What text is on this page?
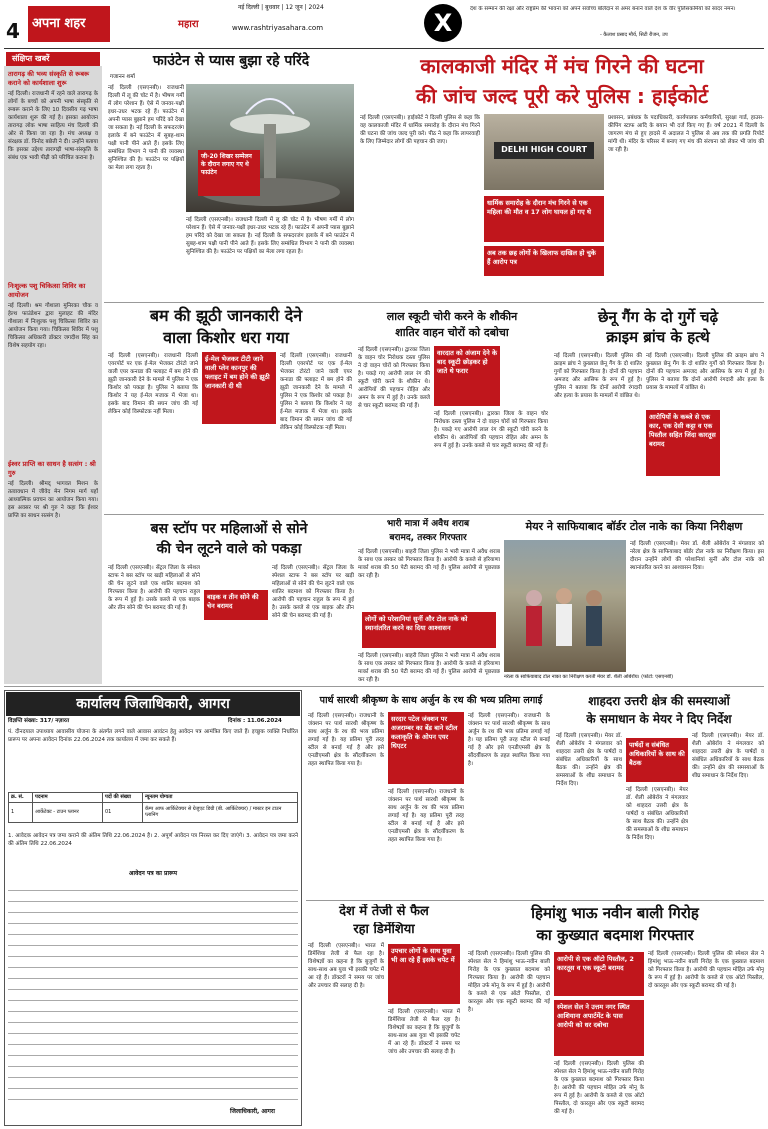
4 अपना शहर
नई दिल्ली | बुधवार | 12 जून | 2024
महारा	www.rashtriyasahara.com	X	देश के सम्मान की रक्षा और राष्ट्रप्रेम की भावना को अपने सर्वोच्च बलिदान से अमर बनाने वाले देश के वीर पुलिसकर्मियों को सादर नमन।
- कैलाश प्रसाद मौर्य, सिटी रीजन, उप
संक्षिप्त खबरें
तारागढ़ की भव्य संस्कृति से रूबरू कराने को कार्यशाला शुरू
नई दिल्ली। राजधानी में रहने वाले तारागढ़ के लोगों के बच्चों को अपनी भाषा संस्कृति से रूबरू कराने के लिए 10 दिवसीय गढ़ भाषा कार्यशाला शुरू की गई है। इसका आयोजन तारागढ़ लोक भाषा साहित्य मंच दिल्ली की ओर से किया जा रहा है। मंच अध्यक्ष व संरक्षक डॉ. विनोद बछेती ने दी। उन्होंने बताया कि इसका उद्देश्य तारागढ़ी भाषा-संस्कृति के संबंध एक भावी पीढ़ी को परिचित कराना है।
निःशुल्क पशु चिकित्सा शिविर का आयोजन
नई दिल्ली। श्रम गौशाला मुनिरका चौक व हेल्थ फाउंडेशन द्वारा मुलाहट की मंदिर गौशाला में निःशुल्क पशु चिकित्सा शिविर का आयोजन किया गया। चिकित्सा शिविर में पशु चिकित्सा अधिकारी डॉक्टर जगदीश सिंह का विशेष सहयोग रहा।
ईश्वर प्राप्ति का साधन है सत्संग : श्री गुरु
नई दिल्ली। श्रीमद् भागवत मिशन के तत्वावधान में जीवेद मेन निगम मार्ग यहाँ आध्यात्मिक प्रवचन का आयोजन किया गया। इस अवसर पर श्री गुरु ने कहा कि ईश्वर प्राप्ति का साधन सत्संग है।
फाउंटेन से प्यास बुझा रहे परिंदे
गजानन शर्मा
जी-20 शिखर सम्मेलन के दौरान लगाए गए थे फाउंटेन
नई दिल्ली (एसएनबी)। राजधानी दिल्ली में लू की चोट में है। भीषण गर्मी में लोग परेशान हैं। ऐसे में जनवर-पक्षी इधर-उधर भटक रहे हैं। फाउंटेन में अपनी प्यास बुझाने हम परिंदे को देखा जा सकता है। नई दिल्ली के सफदरजंग इलाके में बने फाउंटेन में सुबह-शाम पक्षी पानी पीने आते हैं। इसके लिए सम्बंधित विभाग ने पानी की व्यवस्था सुनिश्चित की है। फाउंटेन पर पक्षियों का मेला लगा रहता है।
नई दिल्ली (एसएनबी)। राजधानी दिल्ली में लू की चोट में है। भीषण गर्मी में लोग परेशान हैं। ऐसे में जनवर-पक्षी इधर-उधर भटक रहे हैं। फाउंटेन में अपनी प्यास बुझाने हम परिंदे को देखा जा सकता है। नई दिल्ली के सफदरजंग इलाके में बने फाउंटेन में सुबह-शाम पक्षी पानी पीने आते हैं। इसके लिए सम्बंधित विभाग ने पानी की व्यवस्था सुनिश्चित की है। फाउंटेन पर पक्षियों का मेला लगा रहता है।
कालकाजी मंदिर में मंच गिरने की घटना
की जांच जल्द पूरी करे पुलिस : हाईकोर्ट
नई दिल्ली (एसएनबी)। हाईकोर्ट ने दिल्ली पुलिस से कहा कि वह कालकाजी मंदिर में धार्मिक समारोह के दौरान मंच गिरने की घटना की जांच जल्द पूरी करे। पीठ ने कहा कि लापरवाही के लिए जिम्मेदार लोगों की पहचान की जाए।
DELHI HIGH COURT
धार्मिक समारोह के दौरान मंच गिरने से एक महिला की मौत व 17 लोग घायल हो गए थे
अब तक छह लोगों के खिलाफ दाखिल हो चुके हैं आरोप पत्र
प्रशासन, प्रबंधक के पदाधिकारी, कार्यपालक कर्मचारियों, सुरक्षा गार्ड, हाउस-कीपिंग स्टाफ आदि के बयान भी दर्ज किए गए हैं। वर्ष 2021 में दिल्ली के जागरण मंच से हुए हादसे में अदालत ने पुलिस से अब तक की प्रगति रिपोर्ट मांगी थी। मंदिर के परिसर में बनाए गए मंच की संरचना को लेकर भी जांच की जा रही है।
बम की झूठी जानकारी देने
वाला किशोर धरा गया
नई दिल्ली (एसएनबी)। राजधानी दिल्ली एयरपोर्ट पर एक ई-मेल भेजकर टोरंटो जाने वाली एयर कनाडा की फ्लाइट में बम होने की झूठी जानकारी देने के मामले में पुलिस ने एक किशोर को पकड़ा है। पुलिस ने बताया कि किशोर ने यह ई-मेल मजाक में भेजा था। इसके बाद विमान की सघन जांच की गई लेकिन कोई विस्फोटक नहीं मिला।
ई-मेल भेजकर टीटी जाने वाली प्लेन कानपुर की फ्लाइट में बम होने की झूठी जानकारी दी थी
नई दिल्ली (एसएनबी)। राजधानी दिल्ली एयरपोर्ट पर एक ई-मेल भेजकर टोरंटो जाने वाली एयर कनाडा की फ्लाइट में बम होने की झूठी जानकारी देने के मामले में पुलिस ने एक किशोर को पकड़ा है। पुलिस ने बताया कि किशोर ने यह ई-मेल मजाक में भेजा था। इसके बाद विमान की सघन जांच की गई लेकिन कोई विस्फोटक नहीं मिला।
लाल स्कूटी चोरी करने के शौकीन
शातिर वाहन चोरों को दबोचा
नई दिल्ली (एसएनबी)। द्वारका जिला के वाहन चोर निरोधक दस्ता पुलिस ने दो वाहन चोरों को गिरफ्तार किया है। पकड़े गए आरोपी लाल रंग की स्कूटी चोरी करने के शौकीन थे। आरोपियों की पहचान रोहित और अमन के रूप में हुई है। उनके कब्जे से चार स्कूटी बरामद की गई हैं।
वारदात को अंजाम देने के बाद स्कूटी छोड़कर हो जाते थे फरार
नई दिल्ली (एसएनबी)। द्वारका जिला के वाहन चोर निरोधक दस्ता पुलिस ने दो वाहन चोरों को गिरफ्तार किया है। पकड़े गए आरोपी लाल रंग की स्कूटी चोरी करने के शौकीन थे। आरोपियों की पहचान रोहित और अमन के रूप में हुई है। उनके कब्जे से चार स्कूटी बरामद की गई हैं।
छेनू गैंग के दो गुर्गे चढ़े
क्राइम ब्रांच के हत्थे
नई दिल्ली (एसएनबी)। दिल्ली पुलिस की क्राइम ब्रांच ने कुख्यात छेनू गैंग के दो शातिर गुर्गों को गिरफ्तार किया है। दोनों की पहचान अमजद और आसिफ के रूप में हुई है। पुलिस ने बताया कि दोनों आरोपी रंगदारी और हत्या के प्रयास के मामलों में वांछित थे।
नई दिल्ली (एसएनबी)। दिल्ली पुलिस की क्राइम ब्रांच ने कुख्यात छेनू गैंग के दो शातिर गुर्गों को गिरफ्तार किया है। दोनों की पहचान अमजद और आसिफ के रूप में हुई है। पुलिस ने बताया कि दोनों आरोपी रंगदारी और हत्या के प्रयास के मामलों में वांछित थे।
आरोपियों के कब्जे से एक कार, एक देसी कट्टा व एक पिस्तौल सहित जिंदा कारतूस बरामद
बस स्टॉप पर महिलाओं से सोने
की चेन लूटने वाले को पकड़ा
नई दिल्ली (एसएनबी)। सेंट्रल जिला के स्पेशल स्टाफ ने बस स्टॉप पर खड़ी महिलाओं से सोने की चेन लूटने वाले एक शातिर बदमाश को गिरफ्तार किया है। आरोपी की पहचान राहुल के रूप में हुई है। उसके कब्जे से एक बाइक और तीन सोने की चेन बरामद की गई हैं।
बाइक व तीन सोने की चेन बरामद
नई दिल्ली (एसएनबी)। सेंट्रल जिला के स्पेशल स्टाफ ने बस स्टॉप पर खड़ी महिलाओं से सोने की चेन लूटने वाले एक शातिर बदमाश को गिरफ्तार किया है। आरोपी की पहचान राहुल के रूप में हुई है। उसके कब्जे से एक बाइक और तीन सोने की चेन बरामद की गई हैं।
भारी मात्रा में अवैध शराब
बरामद, तस्कर गिरफ्तार
नई दिल्ली (एसएनबी)। बाहरी जिला पुलिस ने भारी मात्रा में अवैध शराब के साथ एक तस्कर को गिरफ्तार किया है। आरोपी के कब्जे से हरियाणा मार्का शराब की 50 पेटी बरामद की गई हैं। पुलिस आरोपी से पूछताछ कर रही है।
लोगों को परेशानियां सुनीं और टोल नाके को स्थानांतरित करने का दिया आश्वासन
नई दिल्ली (एसएनबी)। बाहरी जिला पुलिस ने भारी मात्रा में अवैध शराब के साथ एक तस्कर को गिरफ्तार किया है। आरोपी के कब्जे से हरियाणा मार्का शराब की 50 पेटी बरामद की गई हैं। पुलिस आरोपी से पूछताछ कर रही है।
मेयर ने साफियाबाद बॉर्डर टोल नाके का किया निरीक्षण
नई दिल्ली (एसएनबी)। मेयर डॉ. शैली ओबेरॉय ने मंगलवार को नरेला क्षेत्र के साफियाबाद बॉर्डर टोल नाके का निरीक्षण किया। इस दौरान उन्होंने लोगों की परेशानियां सुनीं और टोल नाके को स्थानांतरित करने का आश्वासन दिया।
नरेला के साफियाबाद टोल नाका का निरीक्षण करती मेयर डॉ. शैली ओबेरॉय। (फोटो: एसएनबी)
कार्यालय जिलाधिकारी, आगरा
विज्ञप्ति संख्या: 317/ नज़ारत	दिनांक : 11.06.2024
पं. दीनदयाल उपाध्याय आवासीय योजना के अंतर्गत लगने वाले आवास आवंटन हेतु आवेदन पत्र आमंत्रित किए जाते हैं। इच्छुक व्यक्ति निर्धारित प्रारूप पर अपना आवेदन दिनांक 22.06.2024 तक कार्यालय में जमा कर सकते हैं।
क्र. सं.	पदनाम	पदों की संख्या	न्यूनतम योग्यता
1	आर्केटेक्ट - टाउन प्लानर	01	कॅम्प आफ आर्किटेक्चर से ग्रेजुएट डिग्री (बी. आर्किटेक्चर) / मास्टर इन टाउन प्लानिंग
1. आवेदक आवेदन पत्र जमा कराने की अंतिम तिथि 22.06.2024 है। 2. अपूर्ण आवेदन पत्र निरस्त कर दिए जाएंगे। 3. आवेदन पत्र जमा करने की अंतिम तिथि 22.06.2024
आवेदन पत्र का प्रारूप
जिलाधिकारी, आगरा
पार्थ सारथी श्रीकृष्ण के साथ अर्जुन के रथ की भव्य प्रतिमा लगाई
नई दिल्ली (एसएनबी)। राजधानी के जंक्शन पर पार्थ सारथी श्रीकृष्ण के साथ अर्जुन के रथ की भव्य प्रतिमा लगाई गई है। यह प्रतिमा पूरी तरह स्टील से बनाई गई है और इसे एनडीएमसी क्षेत्र के सौंदर्यीकरण के तहत स्थापित किया गया है।
सरदार पटेल जंक्शन पर अजराम्बर का बेंड बाने स्टील कलाकृति के ओपन एयर थिएटर
नई दिल्ली (एसएनबी)। राजधानी के जंक्शन पर पार्थ सारथी श्रीकृष्ण के साथ अर्जुन के रथ की भव्य प्रतिमा लगाई गई है। यह प्रतिमा पूरी तरह स्टील से बनाई गई है और इसे एनडीएमसी क्षेत्र के सौंदर्यीकरण के तहत स्थापित किया गया है।
नई दिल्ली (एसएनबी)। राजधानी के जंक्शन पर पार्थ सारथी श्रीकृष्ण के साथ अर्जुन के रथ की भव्य प्रतिमा लगाई गई है। यह प्रतिमा पूरी तरह स्टील से बनाई गई है और इसे एनडीएमसी क्षेत्र के सौंदर्यीकरण के तहत स्थापित किया गया है।
शाहदरा उत्तरी क्षेत्र की समस्याओं
के समाधान के मेयर ने दिए निर्देश
नई दिल्ली (एसएनबी)। मेयर डॉ. शैली ओबेरॉय ने मंगलवार को शाहदरा उत्तरी क्षेत्र के पार्षदों व संबंधित अधिकारियों के साथ बैठक की। उन्होंने क्षेत्र की समस्याओं के शीघ्र समाधान के निर्देश दिए।
पार्षदों व संबंधित अधिकारियों के साथ की बैठक
नई दिल्ली (एसएनबी)। मेयर डॉ. शैली ओबेरॉय ने मंगलवार को शाहदरा उत्तरी क्षेत्र के पार्षदों व संबंधित अधिकारियों के साथ बैठक की। उन्होंने क्षेत्र की समस्याओं के शीघ्र समाधान के निर्देश दिए।
नई दिल्ली (एसएनबी)। मेयर डॉ. शैली ओबेरॉय ने मंगलवार को शाहदरा उत्तरी क्षेत्र के पार्षदों व संबंधित अधिकारियों के साथ बैठक की। उन्होंने क्षेत्र की समस्याओं के शीघ्र समाधान के निर्देश दिए।
देश में तेजी से फैल
रहा डिमेंशिया
नई दिल्ली (एसएनबी)। भारत में डिमेंशिया तेजी से फैल रहा है। विशेषज्ञों का कहना है कि बुजुर्गों के साथ-साथ अब युवा भी इसकी चपेट में आ रहे हैं। डॉक्टरों ने समय पर जांच और उपचार की सलाह दी है।
उपचार लोगों के साथ युवा भी आ रहे हैं इसके चपेट में
नई दिल्ली (एसएनबी)। भारत में डिमेंशिया तेजी से फैल रहा है। विशेषज्ञों का कहना है कि बुजुर्गों के साथ-साथ अब युवा भी इसकी चपेट में आ रहे हैं। डॉक्टरों ने समय पर जांच और उपचार की सलाह दी है।
हिमांशु भाऊ नवीन बाली गिरोह
का कुख्यात बदमाश गिरफ्तार
नई दिल्ली (एसएनबी)। दिल्ली पुलिस की स्पेशल सेल ने हिमांशु भाऊ-नवीन बाली गिरोह के एक कुख्यात बदमाश को गिरफ्तार किया है। आरोपी की पहचान मोहित उर्फ मोनू के रूप में हुई है। आरोपी के कब्जे से एक ऑटो पिस्तौल, दो कारतूस और एक स्कूटी बरामद की गई है।
आरोपी से एक ऑटो पिस्तौल, 2 कारतूस व एक स्कूटी बरामद
स्पेशल सेल ने उत्तम नगर स्थित आशियाना अपार्टमेंट के पास आरोपी को धर दबोचा
नई दिल्ली (एसएनबी)। दिल्ली पुलिस की स्पेशल सेल ने हिमांशु भाऊ-नवीन बाली गिरोह के एक कुख्यात बदमाश को गिरफ्तार किया है। आरोपी की पहचान मोहित उर्फ मोनू के रूप में हुई है। आरोपी के कब्जे से एक ऑटो पिस्तौल, दो कारतूस और एक स्कूटी बरामद की गई है।
नई दिल्ली (एसएनबी)। दिल्ली पुलिस की स्पेशल सेल ने हिमांशु भाऊ-नवीन बाली गिरोह के एक कुख्यात बदमाश को गिरफ्तार किया है। आरोपी की पहचान मोहित उर्फ मोनू के रूप में हुई है। आरोपी के कब्जे से एक ऑटो पिस्तौल, दो कारतूस और एक स्कूटी बरामद की गई है।
